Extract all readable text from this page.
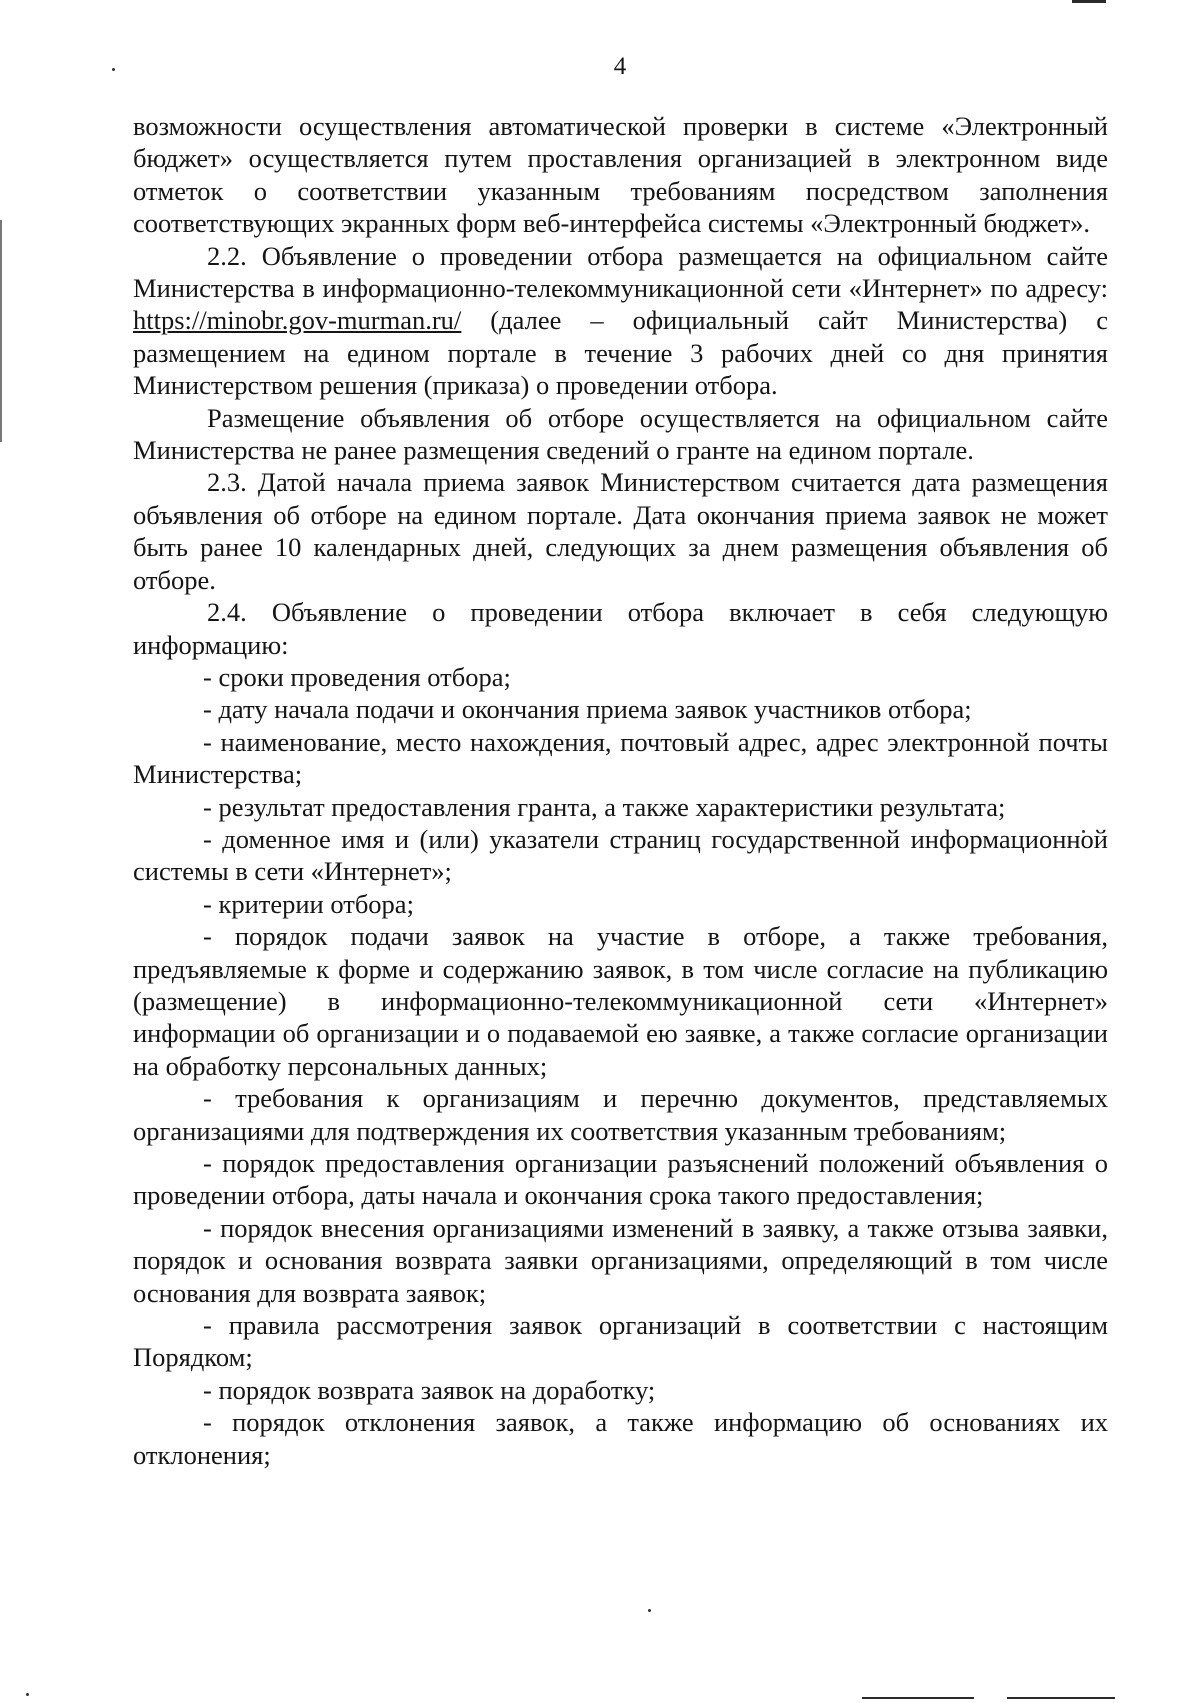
4

возможности осуществления автоматической проверки в системе «Электронный бюджет» осуществляется путем проставления организацией в электронном виде отметок о соответствии указанным требованиям посредством заполнения соответствующих экранных форм веб-интерфейса системы «Электронный бюджет».

2.2. Объявление о проведении отбора размещается на официальном сайте Министерства в информационно-телекоммуникационной сети «Интернет» по адресу: https://minobr.gov-murman.ru/ (далее – официальный сайт Министерства) с размещением на едином портале в течение 3 рабочих дней со дня принятия Министерством решения (приказа) о проведении отбора.

Размещение объявления об отборе осуществляется на официальном сайте Министерства не ранее размещения сведений о гранте на едином портале.

2.3. Датой начала приема заявок Министерством считается дата размещения объявления об отборе на едином портале. Дата окончания приема заявок не может быть ранее 10 календарных дней, следующих за днем размещения объявления об отборе.

2.4. Объявление о проведении отбора включает в себя следующую информацию:

- сроки проведения отбора;

- дату начала подачи и окончания приема заявок участников отбора;

- наименование, место нахождения, почтовый адрес, адрес электронной почты Министерства;

- результат предоставления гранта, а также характеристики результата;

- доменное имя и (или) указатели страниц государственной информационной системы в сети «Интернет»;

- критерии отбора;

- порядок подачи заявок на участие в отборе, а также требования, предъявляемые к форме и содержанию заявок, в том числе согласие на публикацию (размещение) в информационно-телекоммуникационной сети «Интернет» информации об организации и о подаваемой ею заявке, а также согласие организации на обработку персональных данных;

- требования к организациям и перечню документов, представляемых организациями для подтверждения их соответствия указанным требованиям;

- порядок предоставления организации разъяснений положений объявления о проведении отбора, даты начала и окончания срока такого предоставления;

- порядок внесения организациями изменений в заявку, а также отзыва заявки, порядок и основания возврата заявки организациями, определяющий в том числе основания для возврата заявок;

- правила рассмотрения заявок организаций в соответствии с настоящим Порядком;

- порядок возврата заявок на доработку;

- порядок отклонения заявок, а также информацию об основаниях их отклонения;
